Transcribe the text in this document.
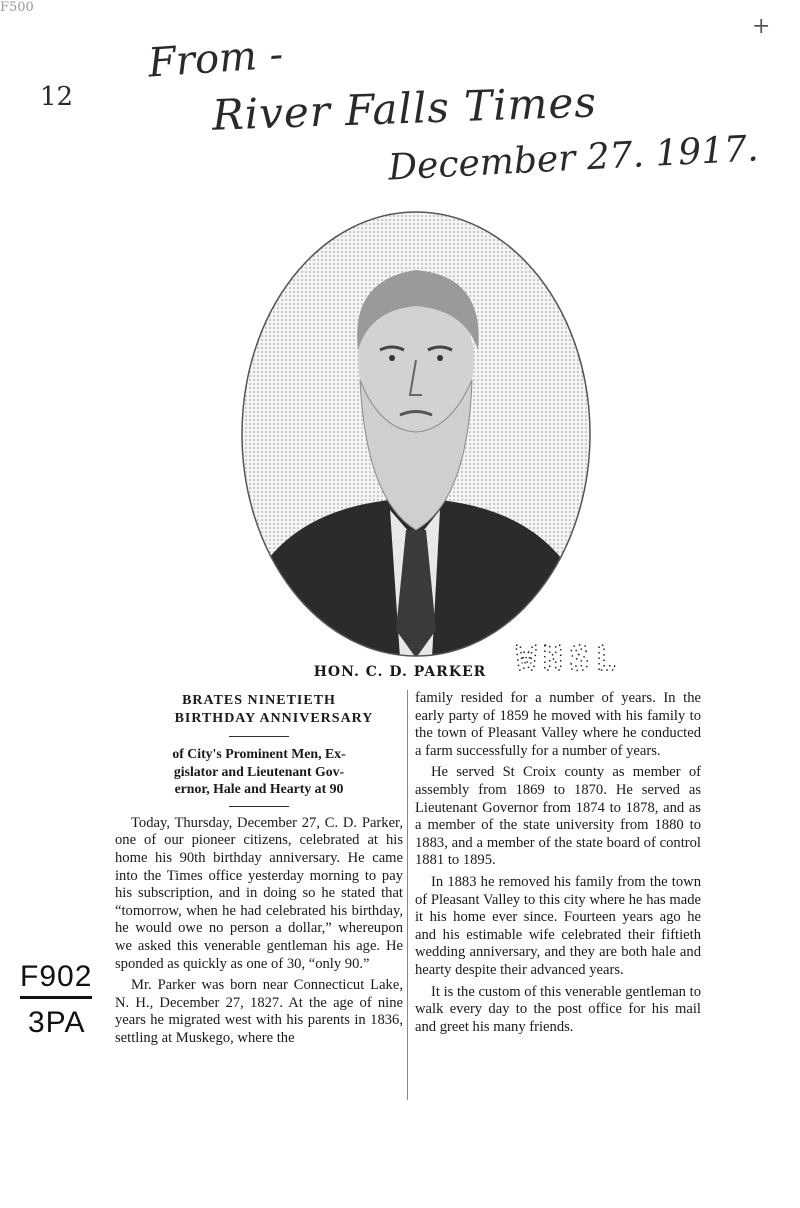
F500
+
12
From -
River Falls Times
December 27. 1917.
HON. C. D. PARKER WHSL
BRATES NINETIETH
BIRTHDAY ANNIVERSARY
of City's Prominent Men, Ex-
gislator and Lieutenant Gov-
ernor, Hale and Hearty at 90

Today, Thursday, December 27, C. D. Parker, one of our pioneer citizens, celebrated at his home his 90th birthday anniversary. He came into the Times office yesterday morning to pay his subscription, and in doing so he stated that “tomorrow, when he had celebrated his birthday, he would owe no person a dollar,” whereupon we asked this venerable gentleman his age. He sponded as quickly as one of 30, “only 90.”

Mr. Parker was born near Connecticut Lake, N. H., December 27, 1827. At the age of nine years he migrated west with his parents in 1836, settling at Muskego, where the

family resided for a number of years. In the early party of 1859 he moved with his family to the town of Pleasant Valley where he conducted a farm successfully for a number of years.

He served St Croix county as member of assembly from 1869 to 1870. He served as Lieutenant Governor from 1874 to 1878, and as a member of the state university from 1880 to 1883, and a member of the state board of control 1881 to 1895.

In 1883 he removed his family from the town of Pleasant Valley to this city where he has made it his home ever since. Fourteen years ago he and his estimable wife celebrated their fiftieth wedding anniversary, and they are both hale and hearty despite their advanced years.

It is the custom of this venerable gentleman to walk every day to the post office for his mail and greet his many friends.

F902
3PA
